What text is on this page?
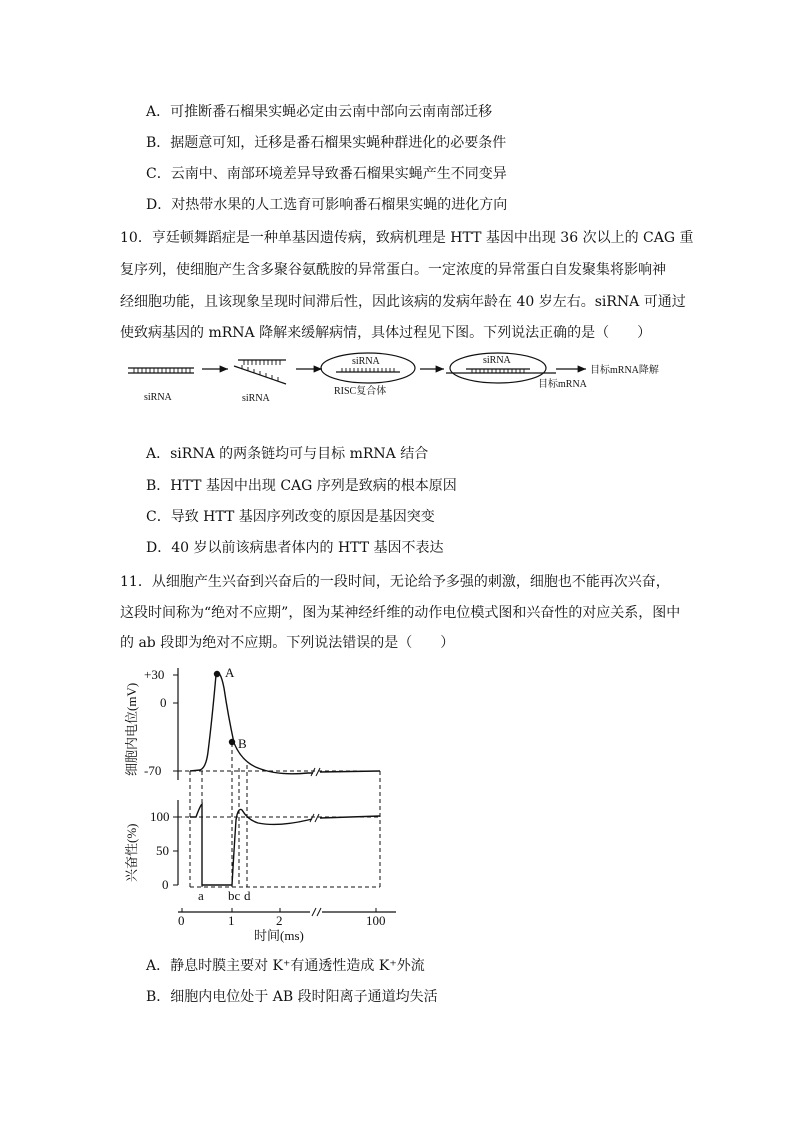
A．可推断番石榴果实蝇必定由云南中部向云南南部迁移
B．据题意可知，迁移是番石榴果实蝇种群进化的必要条件
C．云南中、南部环境差异导致番石榴果实蝇产生不同变异
D．对热带水果的人工选育可影响番石榴果实蝇的进化方向
10．亨廷顿舞蹈症是一种单基因遗传病，致病机理是 HTT 基因中出现 36 次以上的 CAG 重
复序列，使细胞产生含多聚谷氨酰胺的异常蛋白。一定浓度的异常蛋白自发聚集将影响神
经细胞功能，且该现象呈现时间滞后性，因此该病的发病年龄在 40 岁左右。siRNA 可通过
使致病基因的 mRNA 降解来缓解病情，具体过程见下图。下列说法正确的是（　　）
siRNA	siRNA
siRNA
RISC复合体
siRNA
目标mRNA
目标mRNA降解
A．siRNA 的两条链均可与目标 mRNA 结合
B．HTT 基因中出现 CAG 序列是致病的根本原因
C．导致 HTT 基因序列改变的原因是基因突变
D．40 岁以前该病患者体内的 HTT 基因不表达
11．从细胞产生兴奋到兴奋后的一段时间，无论给予多强的刺激，细胞也不能再次兴奋，
这段时间称为“绝对不应期”，图为某神经纤维的动作电位模式图和兴奋性的对应关系，图中
的 ab 段即为绝对不应期。下列说法错误的是（　　）
细胞内电位(mV)
兴奋性(%)
+30
0
-70
A
B
100
50
0
a bc d
0	1	2	100
时间(ms)
A．静息时膜主要对 K⁺有通透性造成 K⁺外流
B．细胞内电位处于 AB 段时阳离子通道均失活
